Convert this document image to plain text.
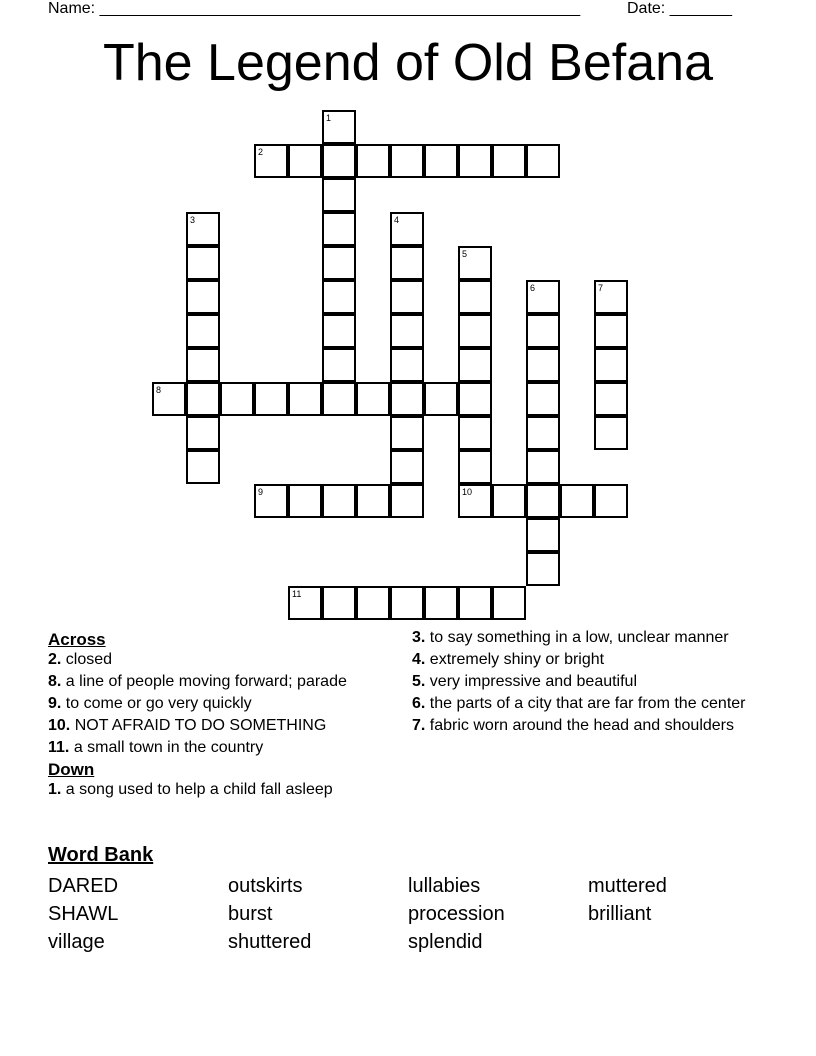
Name: ______________________________________________________	Date: _______
The Legend of Old Befana
1
2
3	4
5
10
6	7
8
9
11
Across
2. closed
8. a line of people moving forward; parade
9. to come or go very quickly
10. NOT AFRAID TO DO SOMETHING
11. a small town in the country
Down
1. a song used to help a child fall asleep
3. to say something in a low, unclear manner
4. extremely shiny or bright
5. very impressive and beautiful
6. the parts of a city that are far from the center
7. fabric worn around the head and shoulders
Word Bank
DARED	outskirts	lullabies	muttered
SHAWL	burst	procession	brilliant
village	shuttered	splendid
